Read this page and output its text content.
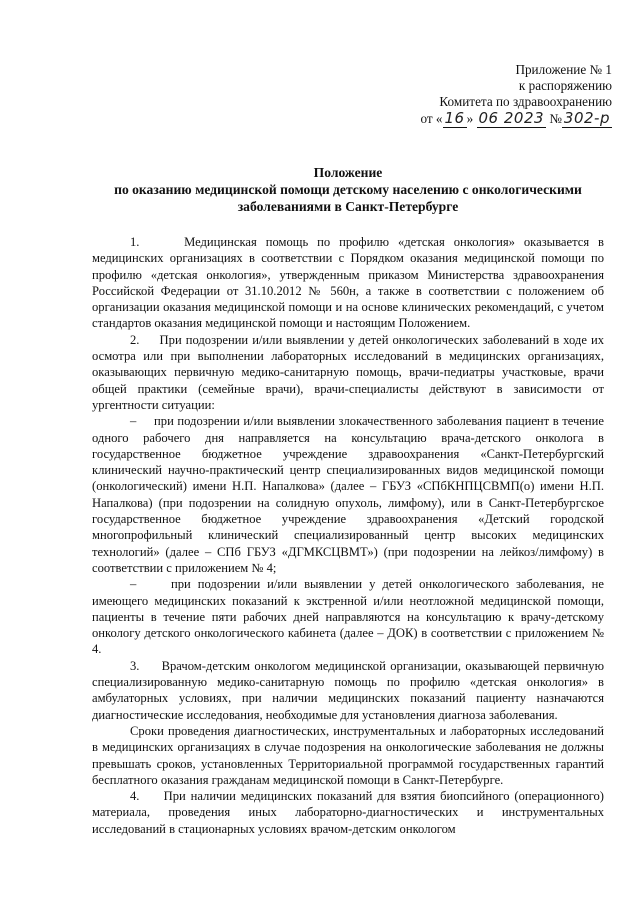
Приложение № 1
к распоряжению
Комитета по здравоохранению
от « 16 » 06 2023 № 302-р
Положение
по оказанию медицинской помощи детскому населению с онкологическими
заболеваниями в Санкт-Петербурге

1.     Медицинская помощь по профилю «детская онкология» оказывается в медицинских организациях в соответствии с Порядком оказания медицинской помощи по профилю «детская онкология», утвержденным приказом Министерства здравоохранения Российской Федерации от 31.10.2012 № 560н, а также в соответствии с положением об организации оказания медицинской помощи и на основе клинических рекомендаций, с учетом стандартов оказания медицинской помощи и настоящим Положением.

2.     При подозрении и/или выявлении у детей онкологических заболеваний в ходе их осмотра или при выполнении лабораторных исследований в медицинских организациях, оказывающих первичную медико-санитарную помощь, врачи-педиатры участковые, врачи общей практики (семейные врачи), врачи-специалисты действуют в зависимости от ургентности ситуации:

–     при подозрении и/или выявлении злокачественного заболевания пациент в течение одного рабочего дня направляется на консультацию врача-детского онколога в государственное бюджетное учреждение здравоохранения «Санкт-Петербургский клинический научно-практический центр специализированных видов медицинской помощи (онкологический) имени Н.П. Напалкова» (далее – ГБУЗ «СПбКНПЦСВМП(о) имени Н.П. Напалкова) (при подозрении на солидную опухоль, лимфому), или в Санкт-Петербургское государственное бюджетное учреждение здравоохранения «Детский городской многопрофильный клинический специализированный центр высоких медицинских технологий» (далее – СПб ГБУЗ «ДГМКСЦВМТ») (при подозрении на лейкоз/лимфому) в соответствии с приложением № 4;

–     при подозрении и/или выявлении у детей онкологического заболевания, не имеющего медицинских показаний к экстренной и/или неотложной медицинской помощи, пациенты в течение пяти рабочих дней направляются на консультацию к врачу-детскому онкологу детского онкологического кабинета (далее – ДОК) в соответствии с приложением № 4.

3.     Врачом-детским онкологом медицинской организации, оказывающей первичную специализированную медико-санитарную помощь по профилю «детская онкология» в амбулаторных условиях, при наличии медицинских показаний пациенту назначаются диагностические исследования, необходимые для установления диагноза заболевания.

Сроки проведения диагностических, инструментальных и лабораторных исследований в медицинских организациях в случае подозрения на онкологические заболевания не должны превышать сроков, установленных Территориальной программой государственных гарантий бесплатного оказания гражданам медицинской помощи в Санкт-Петербурге.

4.     При наличии медицинских показаний для взятия биопсийного (операционного) материала, проведения иных лабораторно-диагностических и инструментальных исследований в стационарных условиях врачом-детским онкологом
